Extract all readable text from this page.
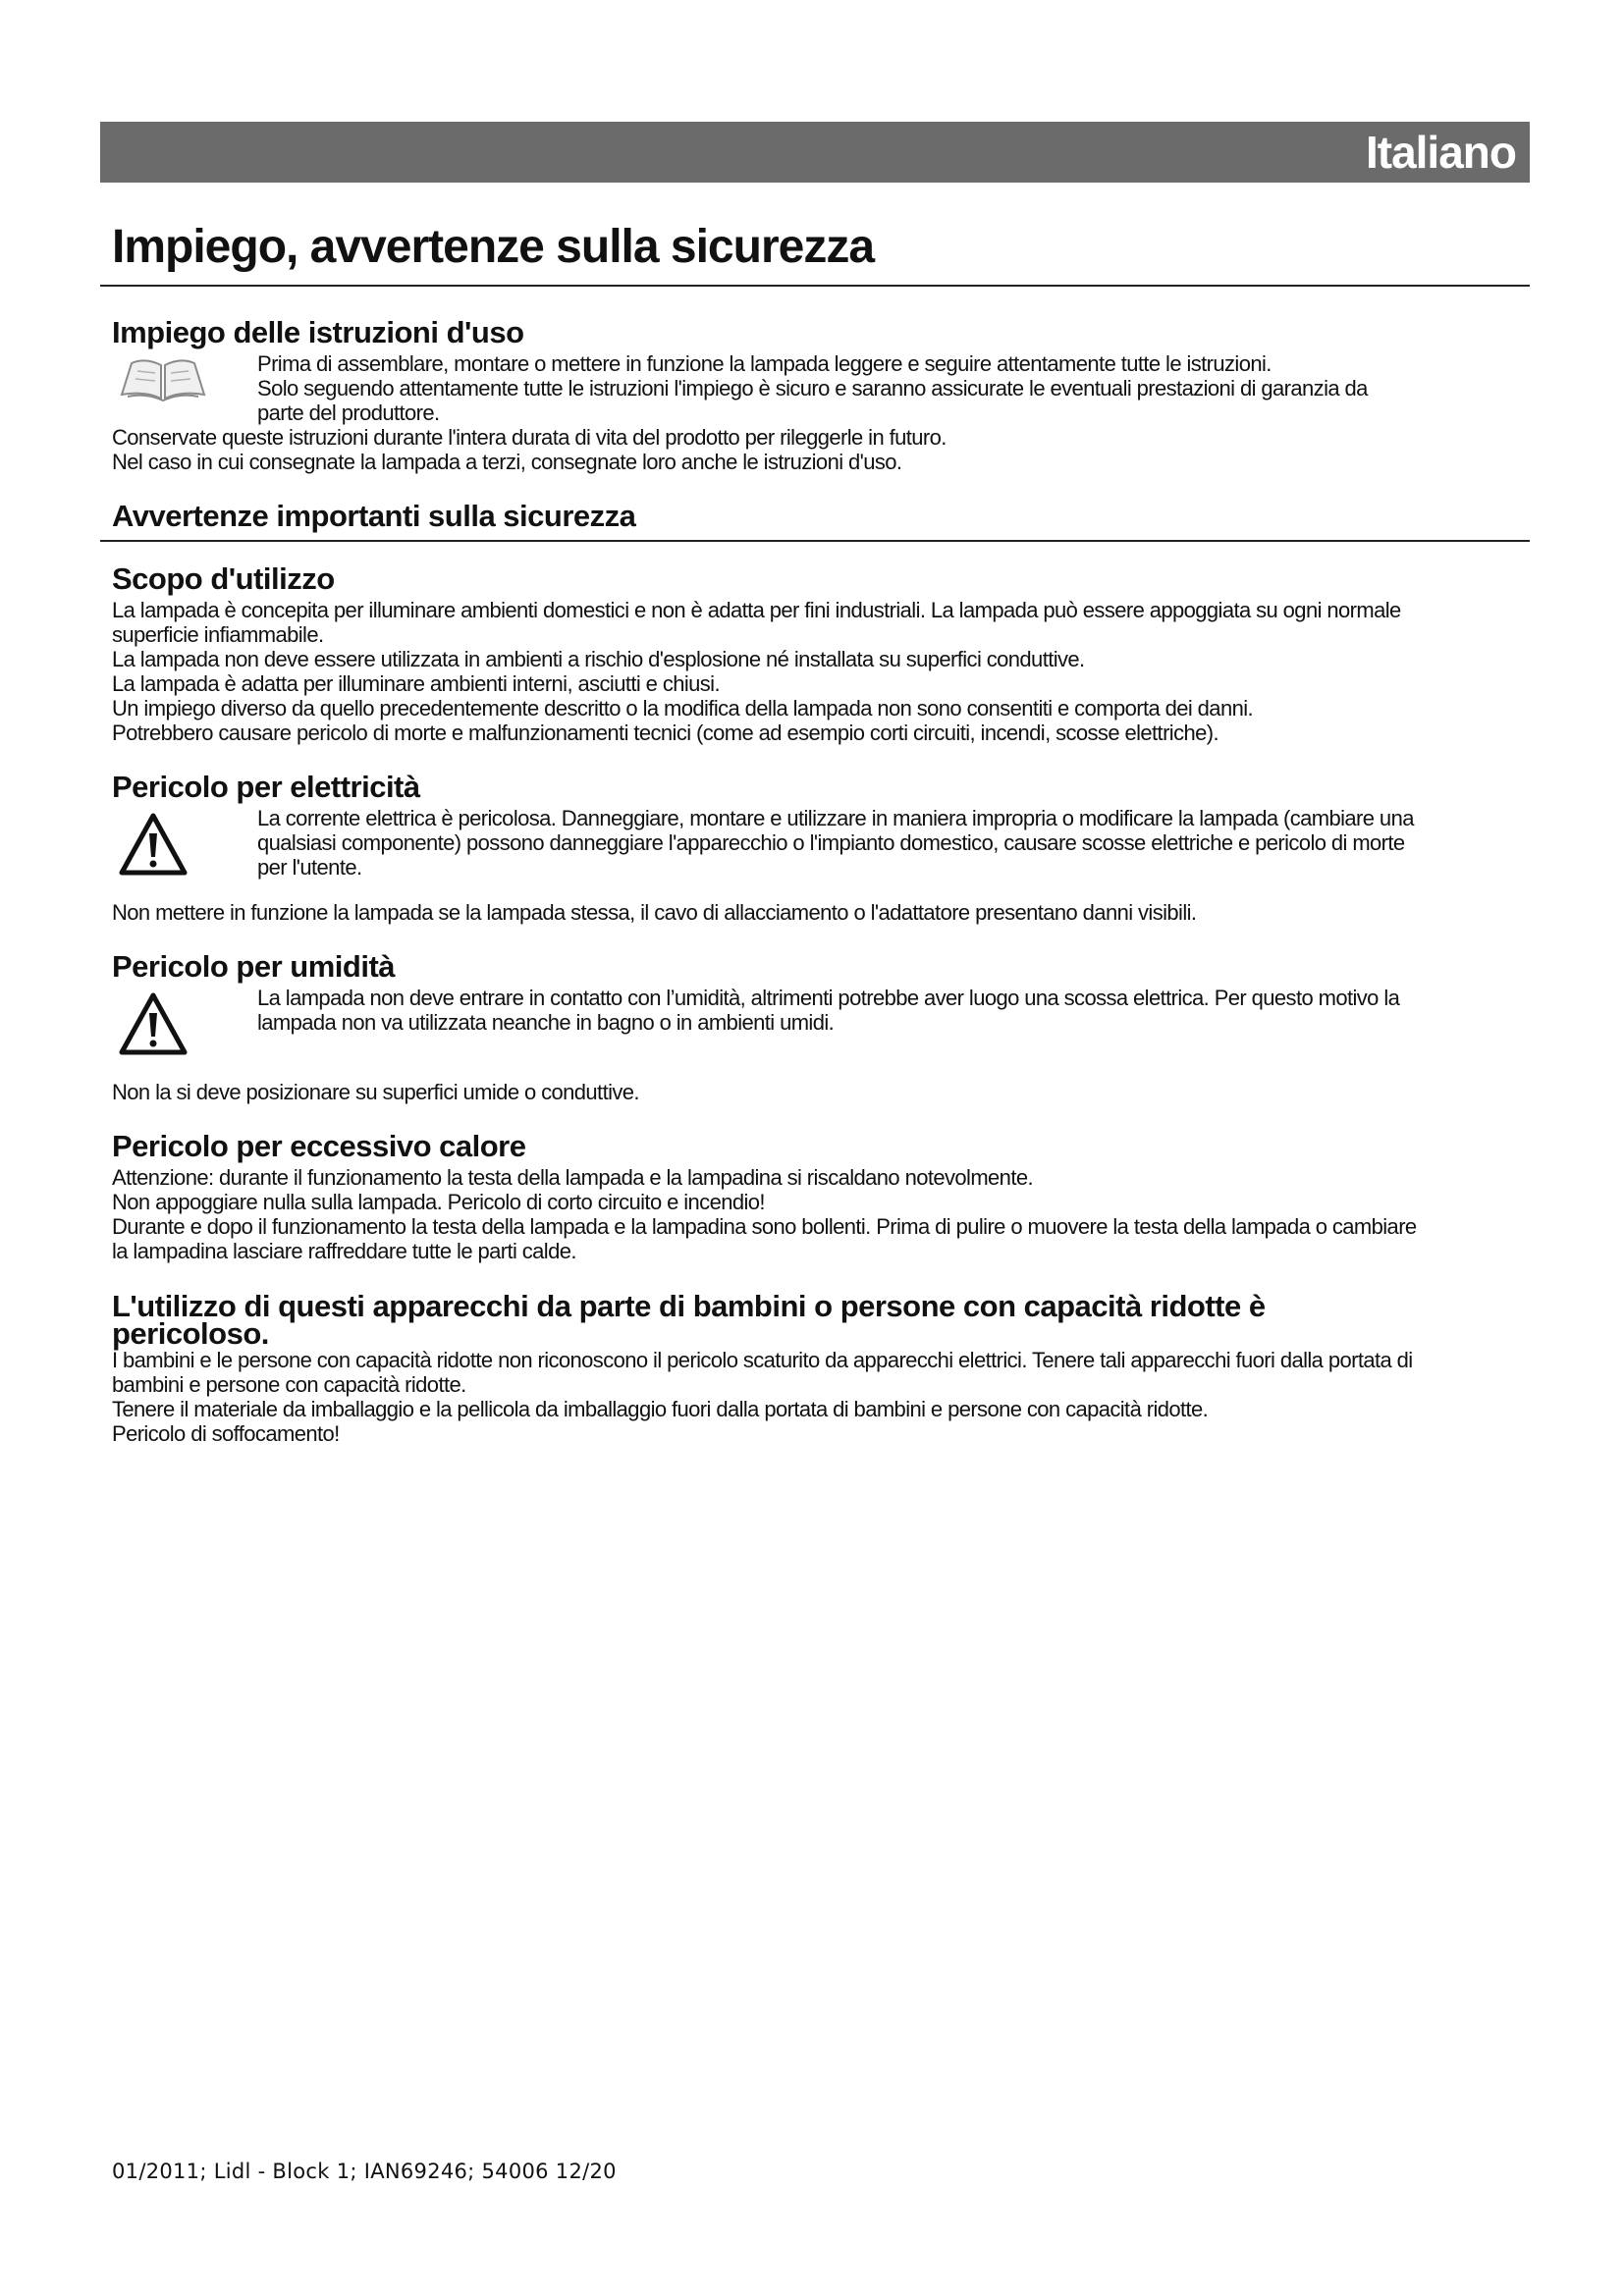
Italiano
Impiego, avvertenze sulla sicurezza
Impiego delle istruzioni d'uso

Prima di assemblare, montare o mettere in funzione la lampada leggere e seguire attentamente tutte le istruzioni.

Solo seguendo attentamente tutte le istruzioni l'impiego è sicuro e saranno assicurate le eventuali prestazioni di garanzia da parte del produttore.

Conservate queste istruzioni durante l'intera durata di vita del prodotto per rileggerle in futuro.

Nel caso in cui consegnate la lampada a terzi, consegnate loro anche le istruzioni d'uso.

Avvertenze importanti sulla sicurezza
Scopo d'utilizzo

La lampada è concepita per illuminare ambienti domestici e non è adatta per fini industriali. La lampada può essere appoggiata su ogni normale superficie infiammabile.

La lampada non deve essere utilizzata in ambienti a rischio d'esplosione né installata su superfici conduttive.

La lampada è adatta per illuminare ambienti interni, asciutti e chiusi.

Un impiego diverso da quello precedentemente descritto o la modifica della lampada non sono consentiti e comporta dei danni.

Potrebbero causare pericolo di morte e malfunzionamenti tecnici (come ad esempio corti circuiti, incendi, scosse elettriche).

Pericolo per elettricità

La corrente elettrica è pericolosa. Danneggiare, montare e utilizzare in maniera impropria o modificare la lampada (cambiare una qualsiasi componente) possono danneggiare l'apparecchio o l'impianto domestico, causare scosse elettriche e pericolo di morte per l'utente.

Non mettere in funzione la lampada se la lampada stessa, il cavo di allacciamento o l'adattatore presentano danni visibili.

Pericolo per umidità

La lampada non deve entrare in contatto con l’umidità, altrimenti potrebbe aver luogo una scossa elettrica. Per questo motivo la lampada non va utilizzata neanche in bagno o in ambienti umidi.

Non la si deve posizionare su superfici umide o conduttive.

Pericolo per eccessivo calore

Attenzione: durante il funzionamento la testa della lampada e la lampadina si riscaldano notevolmente.

Non appoggiare nulla sulla lampada. Pericolo di corto circuito e incendio!

Durante e dopo il funzionamento la testa della lampada e la lampadina sono bollenti. Prima di pulire o muovere la testa della lampada o cambiare la lampadina lasciare raffreddare tutte le parti calde.

L'utilizzo di questi apparecchi da parte di bambini o persone con capacità ridotte è pericoloso.

I bambini e le persone con capacità ridotte non riconoscono il pericolo scaturito da apparecchi elettrici. Tenere tali apparecchi fuori dalla portata di bambini e persone con capacità ridotte.

Tenere il materiale da imballaggio e la pellicola da imballaggio fuori dalla portata di bambini e persone con capacità ridotte.

Pericolo di soffocamento!

01/2011; Lidl - Block 1; IAN69246; 54006 12/20
